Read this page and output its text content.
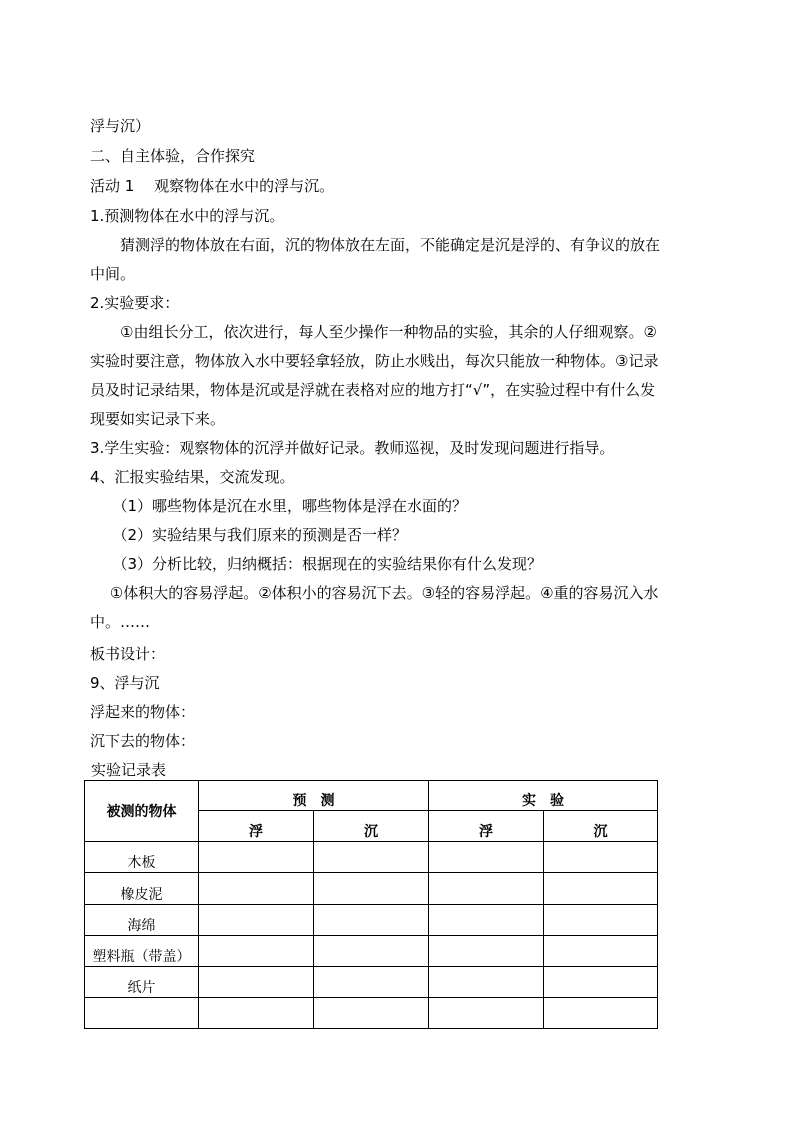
浮与沉）
二、自主体验，合作探究
活动 1　 观察物体在水中的浮与沉。
1.预测物体在水中的浮与沉。
　　猜测浮的物体放在右面，沉的物体放在左面，不能确定是沉是浮的、有争议的放在
中间。
2.实验要求：
　　①由组长分工，依次进行，每人至少操作一种物品的实验，其余的人仔细观察。②
实验时要注意，物体放入水中要轻拿轻放，防止水贱出，每次只能放一种物体。③记录
员及时记录结果，物体是沉或是浮就在表格对应的地方打“√”，在实验过程中有什么发
现要如实记录下来。
3.学生实验：观察物体的沉浮并做好记录。教师巡视，及时发现问题进行指导。
4、汇报实验结果，交流发现。
　　（1）哪些物体是沉在水里，哪些物体是浮在水面的？
　　（2）实验结果与我们原来的预测是否一样？
　　（3）分析比较，归纳概括：根据现在的实验结果你有什么发现？
　 ①体积大的容易浮起。②体积小的容易沉下去。③轻的容易浮起。④重的容易沉入水
中。……
板书设计：
9、浮与沉
浮起来的物体：
沉下去的物体：
实验记录表
被测的物体	预　测		实　验	
	浮	沉	浮	沉
木板				
橡皮泥				
海绵				
塑料瓶（带盖）				
纸片				
